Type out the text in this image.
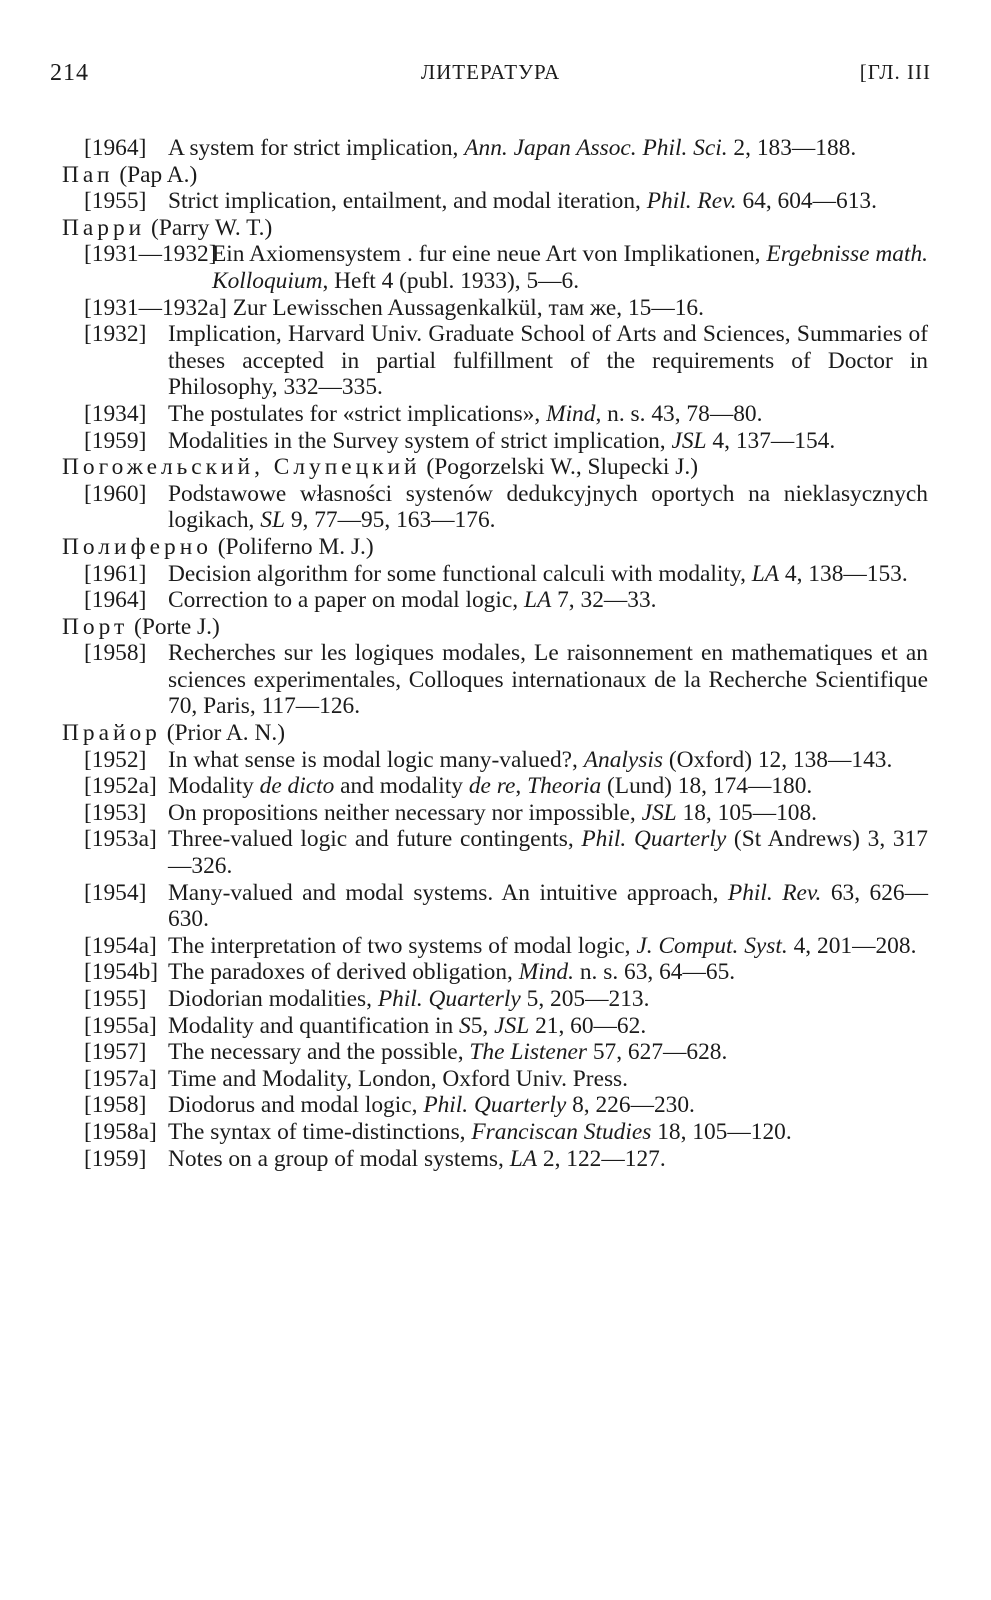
214	ЛИТЕРАТУРА	[ГЛ. III
[1964] A system for strict implication, Ann. Japan Assoc. Phil. Sci. 2, 183—188.
Пап (Pap A.)
[1955] Strict implication, entailment, and modal iteration, Phil. Rev. 64, 604—613.
Парри (Parry W. T.)
[1931—1932]
Ein Axiomensystem . fur eine neue Art von Implikationen, Ergebnisse math. Kolloquium, Heft 4 (publ. 1933), 5—6.
[1931—1932a] Zur Lewisschen Aussagenkalkül, там же, 15—16.
[1932] Implication, Harvard Univ. Graduate School of Arts and Sciences, Summaries of theses accepted in partial fulfillment of the requirements of Doctor in Philosophy, 332—335.
[1934] The postulates for «strict implications», Mind, n. s. 43, 78—80.
[1959] Modalities in the Survey system of strict implication, JSL 4, 137—154.
Погожельский, Слупецкий (Pogorzelski W., Slupecki J.)
[1960] Podstawowe własności systenów dedukcyjnych oportych na nieklasycznych logikach, SL 9, 77—95, 163—176.
Полиферно (Poliferno M. J.)
[1961] Decision algorithm for some functional calculi with modality, LA 4, 138—153.
[1964] Correction to a paper on modal logic, LA 7, 32—33.
Порт (Porte J.)
[1958] Recherches sur les logiques modales, Le raisonnement en mathematiques et an sciences experimentales, Colloques internationaux de la Recherche Scientifique 70, Paris, 117—126.
Прайор (Prior A. N.)
[1952] In what sense is modal logic many-valued?, Analysis (Oxford) 12, 138—143.
[1952a] Modality de dicto and modality de re, Theoria (Lund) 18, 174—180.
[1953] On propositions neither necessary nor impossible, JSL 18, 105—108.
[1953a] Three-valued logic and future contingents, Phil. Quarterly (St Andrews) 3, 317—326.
[1954] Many-valued and modal systems. An intuitive approach, Phil. Rev. 63, 626—630.
[1954a] The interpretation of two systems of modal logic, J. Comput. Syst. 4, 201—208.
[1954b] The paradoxes of derived obligation, Mind. n. s. 63, 64—65.
[1955] Diodorian modalities, Phil. Quarterly 5, 205—213.
[1955a] Modality and quantification in S5, JSL 21, 60—62.
[1957] The necessary and the possible, The Listener 57, 627—628.
[1957a] Time and Modality, London, Oxford Univ. Press.
[1958] Diodorus and modal logic, Phil. Quarterly 8, 226—230.
[1958a] The syntax of time-distinctions, Franciscan Studies 18, 105—120.
[1959] Notes on a group of modal systems, LA 2, 122—127.
